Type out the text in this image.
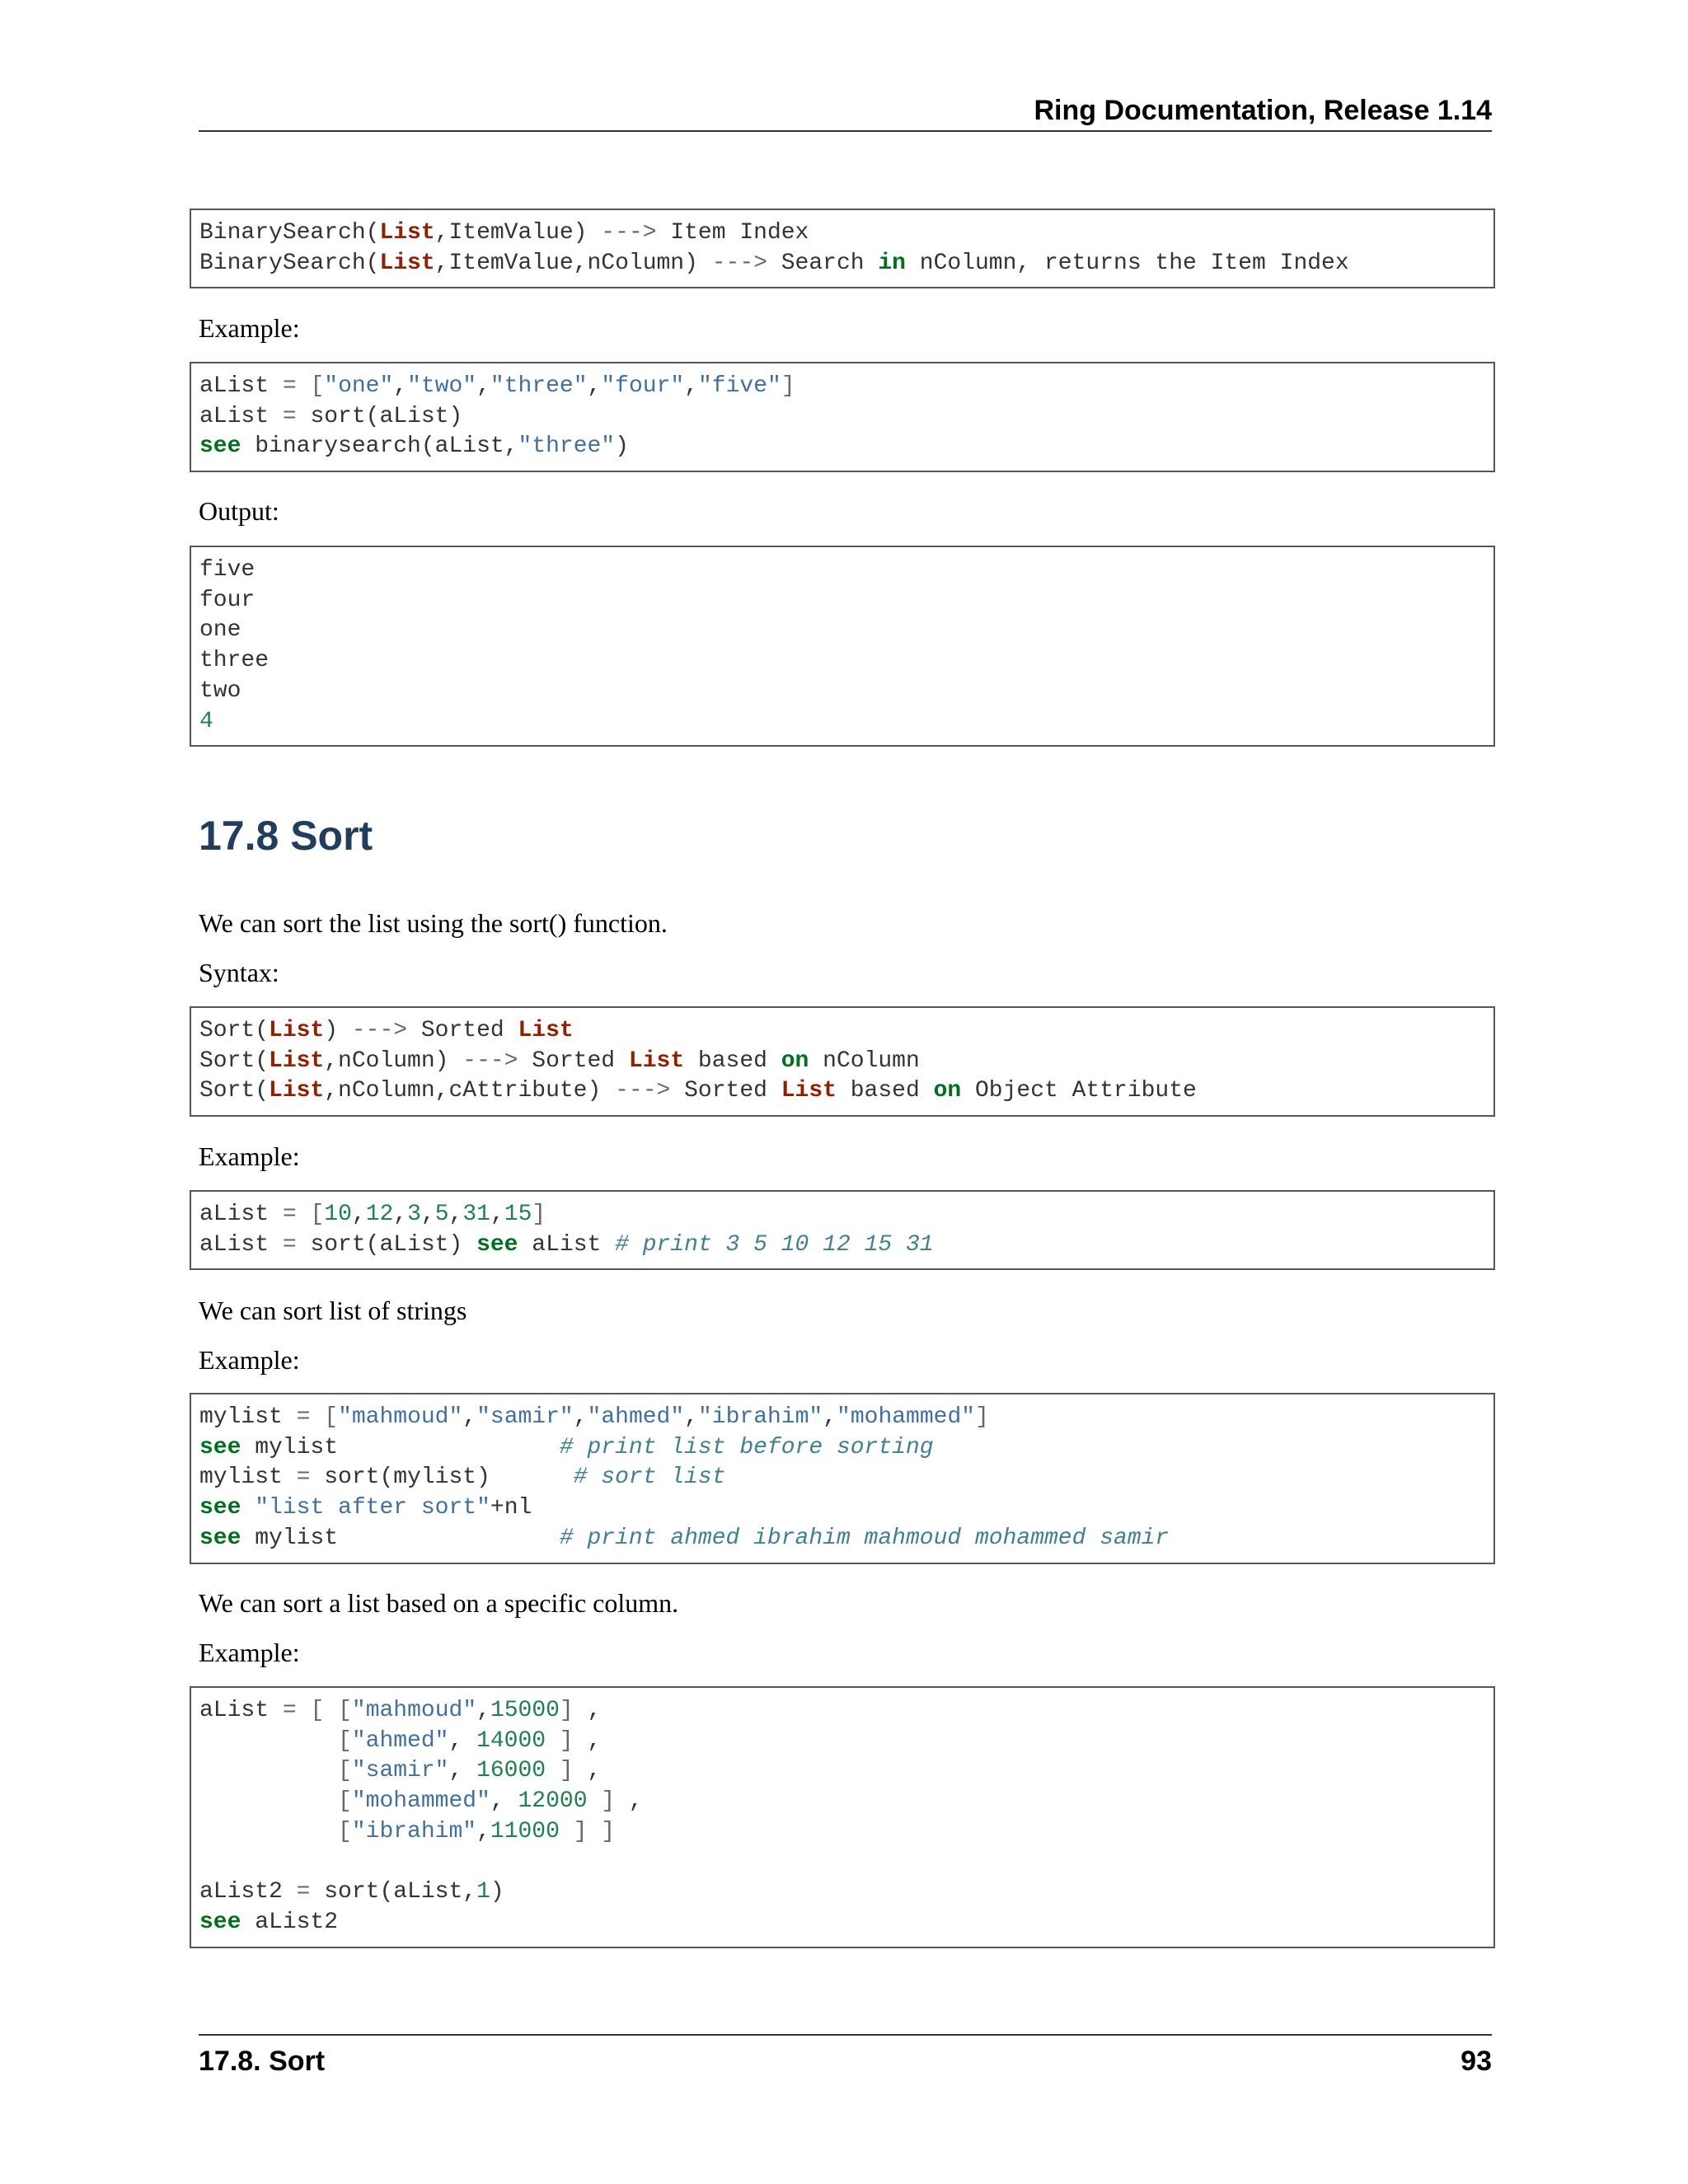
Ring Documentation, Release 1.14
BinarySearch(List,ItemValue) ---> Item Index
BinarySearch(List,ItemValue,nColumn) ---> Search in nColumn, returns the Item Index
Example:
aList = ["one","two","three","four","five"]
aList = sort(aList)
see binarysearch(aList,"three")
Output:
five
four
one
three
two
4
17.8 Sort
We can sort the list using the sort() function.
Syntax:
Sort(List) ---> Sorted List
Sort(List,nColumn) ---> Sorted List based on nColumn
Sort(List,nColumn,cAttribute) ---> Sorted List based on Object Attribute
Example:
aList = [10,12,3,5,31,15]
aList = sort(aList) see aList # print 3 5 10 12 15 31
We can sort list of strings
Example:
mylist = ["mahmoud","samir","ahmed","ibrahim","mohammed"]
see mylist                # print list before sorting
mylist = sort(mylist)      # sort list
see "list after sort"+nl
see mylist                # print ahmed ibrahim mahmoud mohammed samir
We can sort a list based on a specific column.
Example:
aList = [ ["mahmoud",15000] ,
["ahmed", 14000 ] ,
["samir", 16000 ] ,
["mohammed", 12000 ] ,
["ibrahim",11000 ] ]
aList2 = sort(aList,1)
see aList2
17.8. Sort	93
